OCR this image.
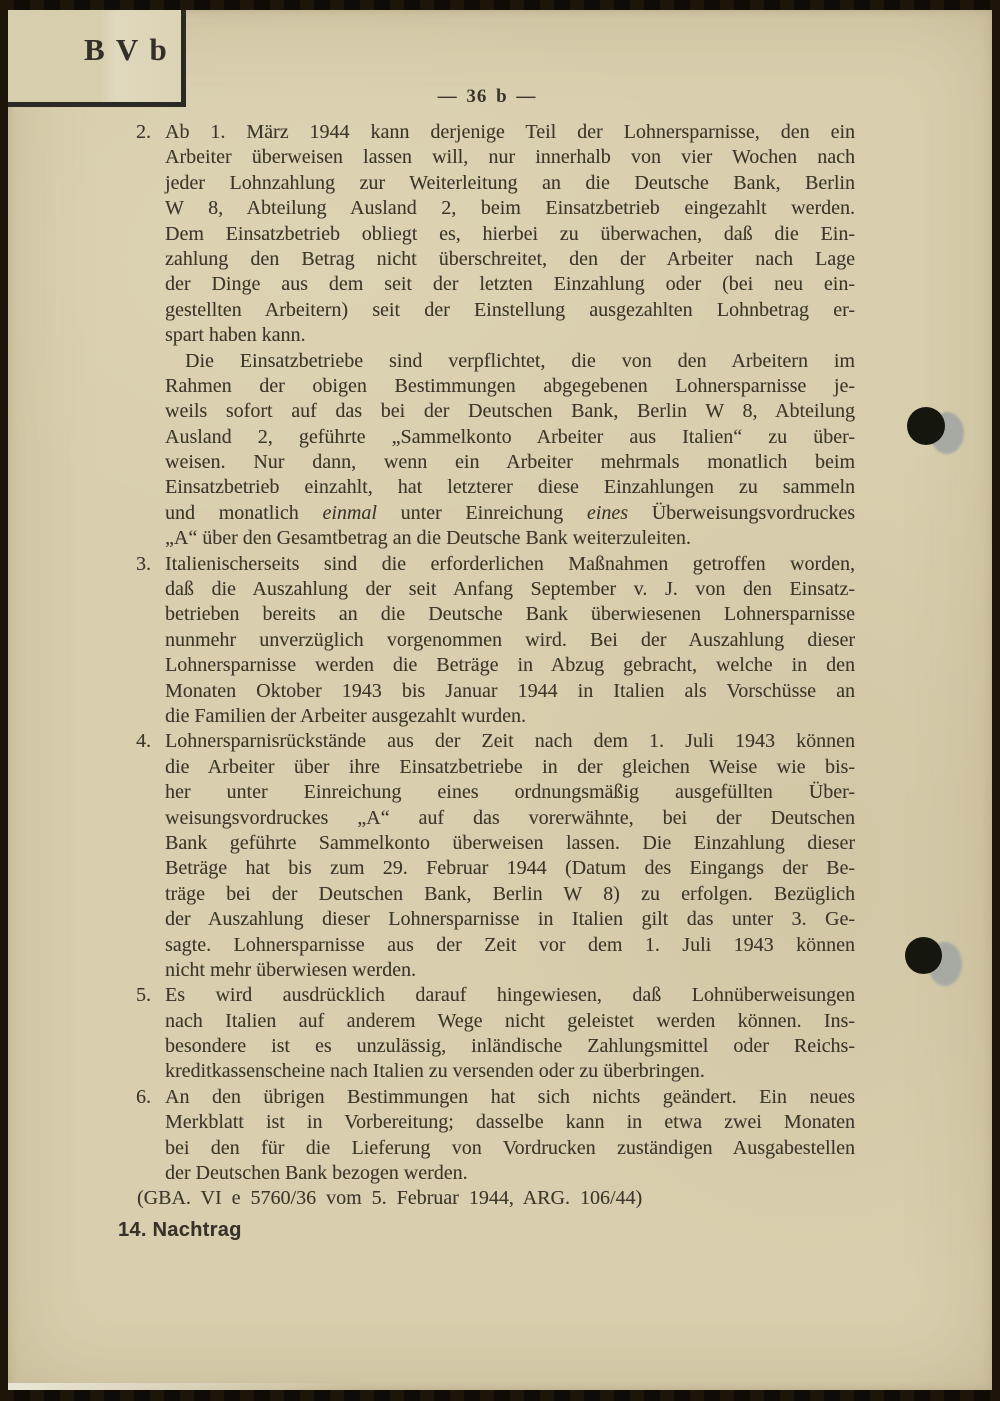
B V b
— 36 b —
2. Ab 1. März 1944 kann derjenige Teil der Lohnersparnisse, den ein
Arbeiter überweisen lassen will, nur innerhalb von vier Wochen nach
jeder Lohnzahlung zur Weiterleitung an die Deutsche Bank, Berlin
W 8, Abteilung Ausland 2, beim Einsatzbetrieb eingezahlt werden.
Dem Einsatzbetrieb obliegt es, hierbei zu überwachen, daß die Ein-
zahlung den Betrag nicht überschreitet, den der Arbeiter nach Lage
der Dinge aus dem seit der letzten Einzahlung oder (bei neu ein-
gestellten Arbeitern) seit der Einstellung ausgezahlten Lohnbetrag er-
spart haben kann.
Die Einsatzbetriebe sind verpflichtet, die von den Arbeitern im
Rahmen der obigen Bestimmungen abgegebenen Lohnersparnisse je-
weils sofort auf das bei der Deutschen Bank, Berlin W 8, Abteilung
Ausland 2, geführte „Sammelkonto Arbeiter aus Italien“ zu über-
weisen. Nur dann, wenn ein Arbeiter mehrmals monatlich beim
Einsatzbetrieb einzahlt, hat letzterer diese Einzahlungen zu sammeln
und monatlich einmal unter Einreichung eines Überweisungsvordruckes
„A“ über den Gesamtbetrag an die Deutsche Bank weiterzuleiten.
3. Italienischerseits sind die erforderlichen Maßnahmen getroffen worden,
daß die Auszahlung der seit Anfang September v. J. von den Einsatz-
betrieben bereits an die Deutsche Bank überwiesenen Lohnersparnisse
nunmehr unverzüglich vorgenommen wird. Bei der Auszahlung dieser
Lohnersparnisse werden die Beträge in Abzug gebracht, welche in den
Monaten Oktober 1943 bis Januar 1944 in Italien als Vorschüsse an
die Familien der Arbeiter ausgezahlt wurden.
4. Lohnersparnisrückstände aus der Zeit nach dem 1. Juli 1943 können
die Arbeiter über ihre Einsatzbetriebe in der gleichen Weise wie bis-
her unter Einreichung eines ordnungsmäßig ausgefüllten Über-
weisungsvordruckes „A“ auf das vorerwähnte, bei der Deutschen
Bank geführte Sammelkonto überweisen lassen. Die Einzahlung dieser
Beträge hat bis zum 29. Februar 1944 (Datum des Eingangs der Be-
träge bei der Deutschen Bank, Berlin W 8) zu erfolgen. Bezüglich
der Auszahlung dieser Lohnersparnisse in Italien gilt das unter 3. Ge-
sagte. Lohnersparnisse aus der Zeit vor dem 1. Juli 1943 können
nicht mehr überwiesen werden.
5. Es wird ausdrücklich darauf hingewiesen, daß Lohnüberweisungen
nach Italien auf anderem Wege nicht geleistet werden können. Ins-
besondere ist es unzulässig, inländische Zahlungsmittel oder Reichs-
kreditkassenscheine nach Italien zu versenden oder zu überbringen.
6. An den übrigen Bestimmungen hat sich nichts geändert. Ein neues
Merkblatt ist in Vorbereitung; dasselbe kann in etwa zwei Monaten
bei den für die Lieferung von Vordrucken zuständigen Ausgabestellen
der Deutschen Bank bezogen werden.
(GBA. VI e 5760/36 vom 5. Februar 1944, ARG. 106/44)
14. Nachtrag
